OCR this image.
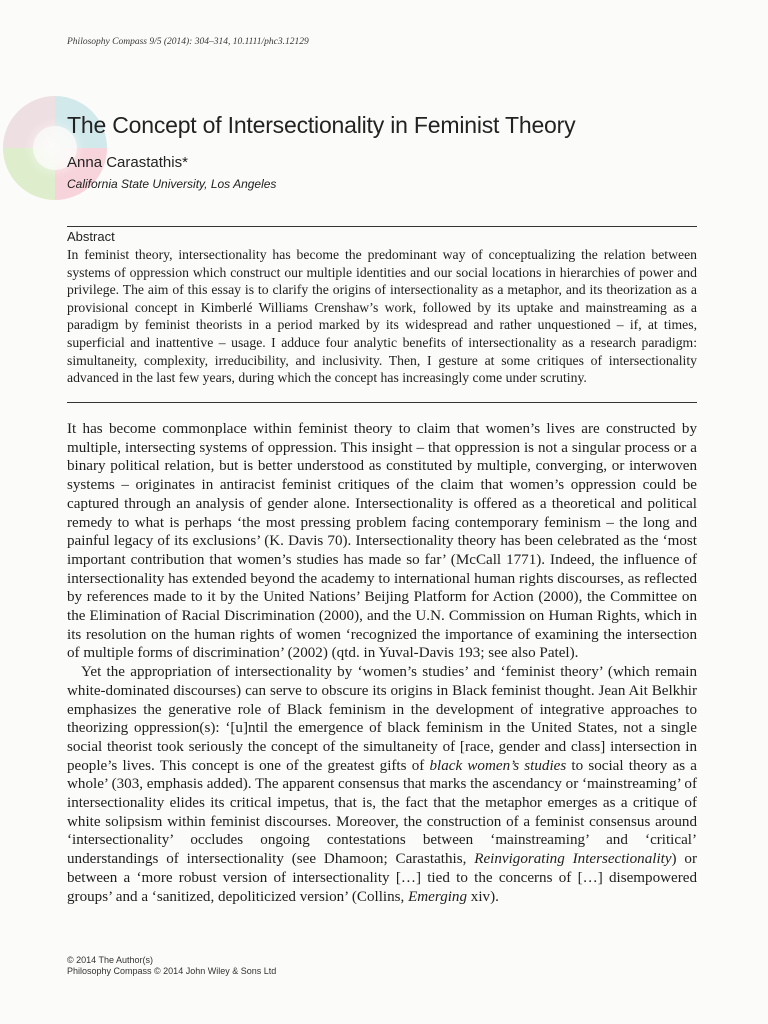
Philosophy Compass 9/5 (2014): 304–314, 10.1111/phc3.12129
The Concept of Intersectionality in Feminist Theory
Anna Carastathis*
California State University, Los Angeles
Abstract

In feminist theory, intersectionality has become the predominant way of conceptualizing the relation between systems of oppression which construct our multiple identities and our social locations in hierarchies of power and privilege. The aim of this essay is to clarify the origins of intersectionality as a metaphor, and its theorization as a provisional concept in Kimberlé Williams Crenshaw’s work, followed by its uptake and mainstreaming as a paradigm by feminist theorists in a period marked by its widespread and rather unquestioned – if, at times, superficial and inattentive – usage. I adduce four analytic benefits of intersectionality as a research paradigm: simultaneity, complexity, irreducibility, and inclusivity. Then, I gesture at some critiques of intersectionality advanced in the last few years, during which the concept has increasingly come under scrutiny.

It has become commonplace within feminist theory to claim that women’s lives are constructed by multiple, intersecting systems of oppression. This insight – that oppression is not a singular process or a binary political relation, but is better understood as constituted by multiple, converging, or interwoven systems – originates in antiracist feminist critiques of the claim that women’s oppression could be captured through an analysis of gender alone. Intersectionality is offered as a theoretical and political remedy to what is perhaps ‘the most pressing problem facing contemporary feminism – the long and painful legacy of its exclusions’ (K. Davis 70). Intersectionality theory has been celebrated as the ‘most important contribution that women’s studies has made so far’ (McCall 1771). Indeed, the influence of intersectionality has extended beyond the academy to international human rights discourses, as reflected by references made to it by the United Nations’ Beijing Platform for Action (2000), the Committee on the Elimination of Racial Discrimination (2000), and the U.N. Commission on Human Rights, which in its resolution on the human rights of women ‘recognized the importance of examining the intersection of multiple forms of discrimination’ (2002) (qtd. in Yuval-Davis 193; see also Patel).

Yet the appropriation of intersectionality by ‘women’s studies’ and ‘feminist theory’ (which remain white-dominated discourses) can serve to obscure its origins in Black feminist thought. Jean Ait Belkhir emphasizes the generative role of Black feminism in the development of integrative approaches to theorizing oppression(s): ‘[u]ntil the emergence of black feminism in the United States, not a single social theorist took seriously the concept of the simultaneity of [race, gender and class] intersection in people’s lives. This concept is one of the greatest gifts of black women’s studies to social theory as a whole’ (303, emphasis added). The apparent consensus that marks the ascendancy or ‘mainstreaming’ of intersectionality elides its critical impetus, that is, the fact that the metaphor emerges as a critique of white solipsism within feminist discourses. Moreover, the construction of a feminist consensus around ‘intersectionality’ occludes ongoing contestations between ‘mainstreaming’ and ‘critical’ understandings of intersectionality (see Dhamoon; Carastathis, Reinvigorating Intersectionality) or between a ‘more robust version of intersectionality […] tied to the concerns of […] disempowered groups’ and a ‘sanitized, depoliticized version’ (Collins, Emerging xiv).

© 2014 The Author(s)
Philosophy Compass © 2014 John Wiley & Sons Ltd
